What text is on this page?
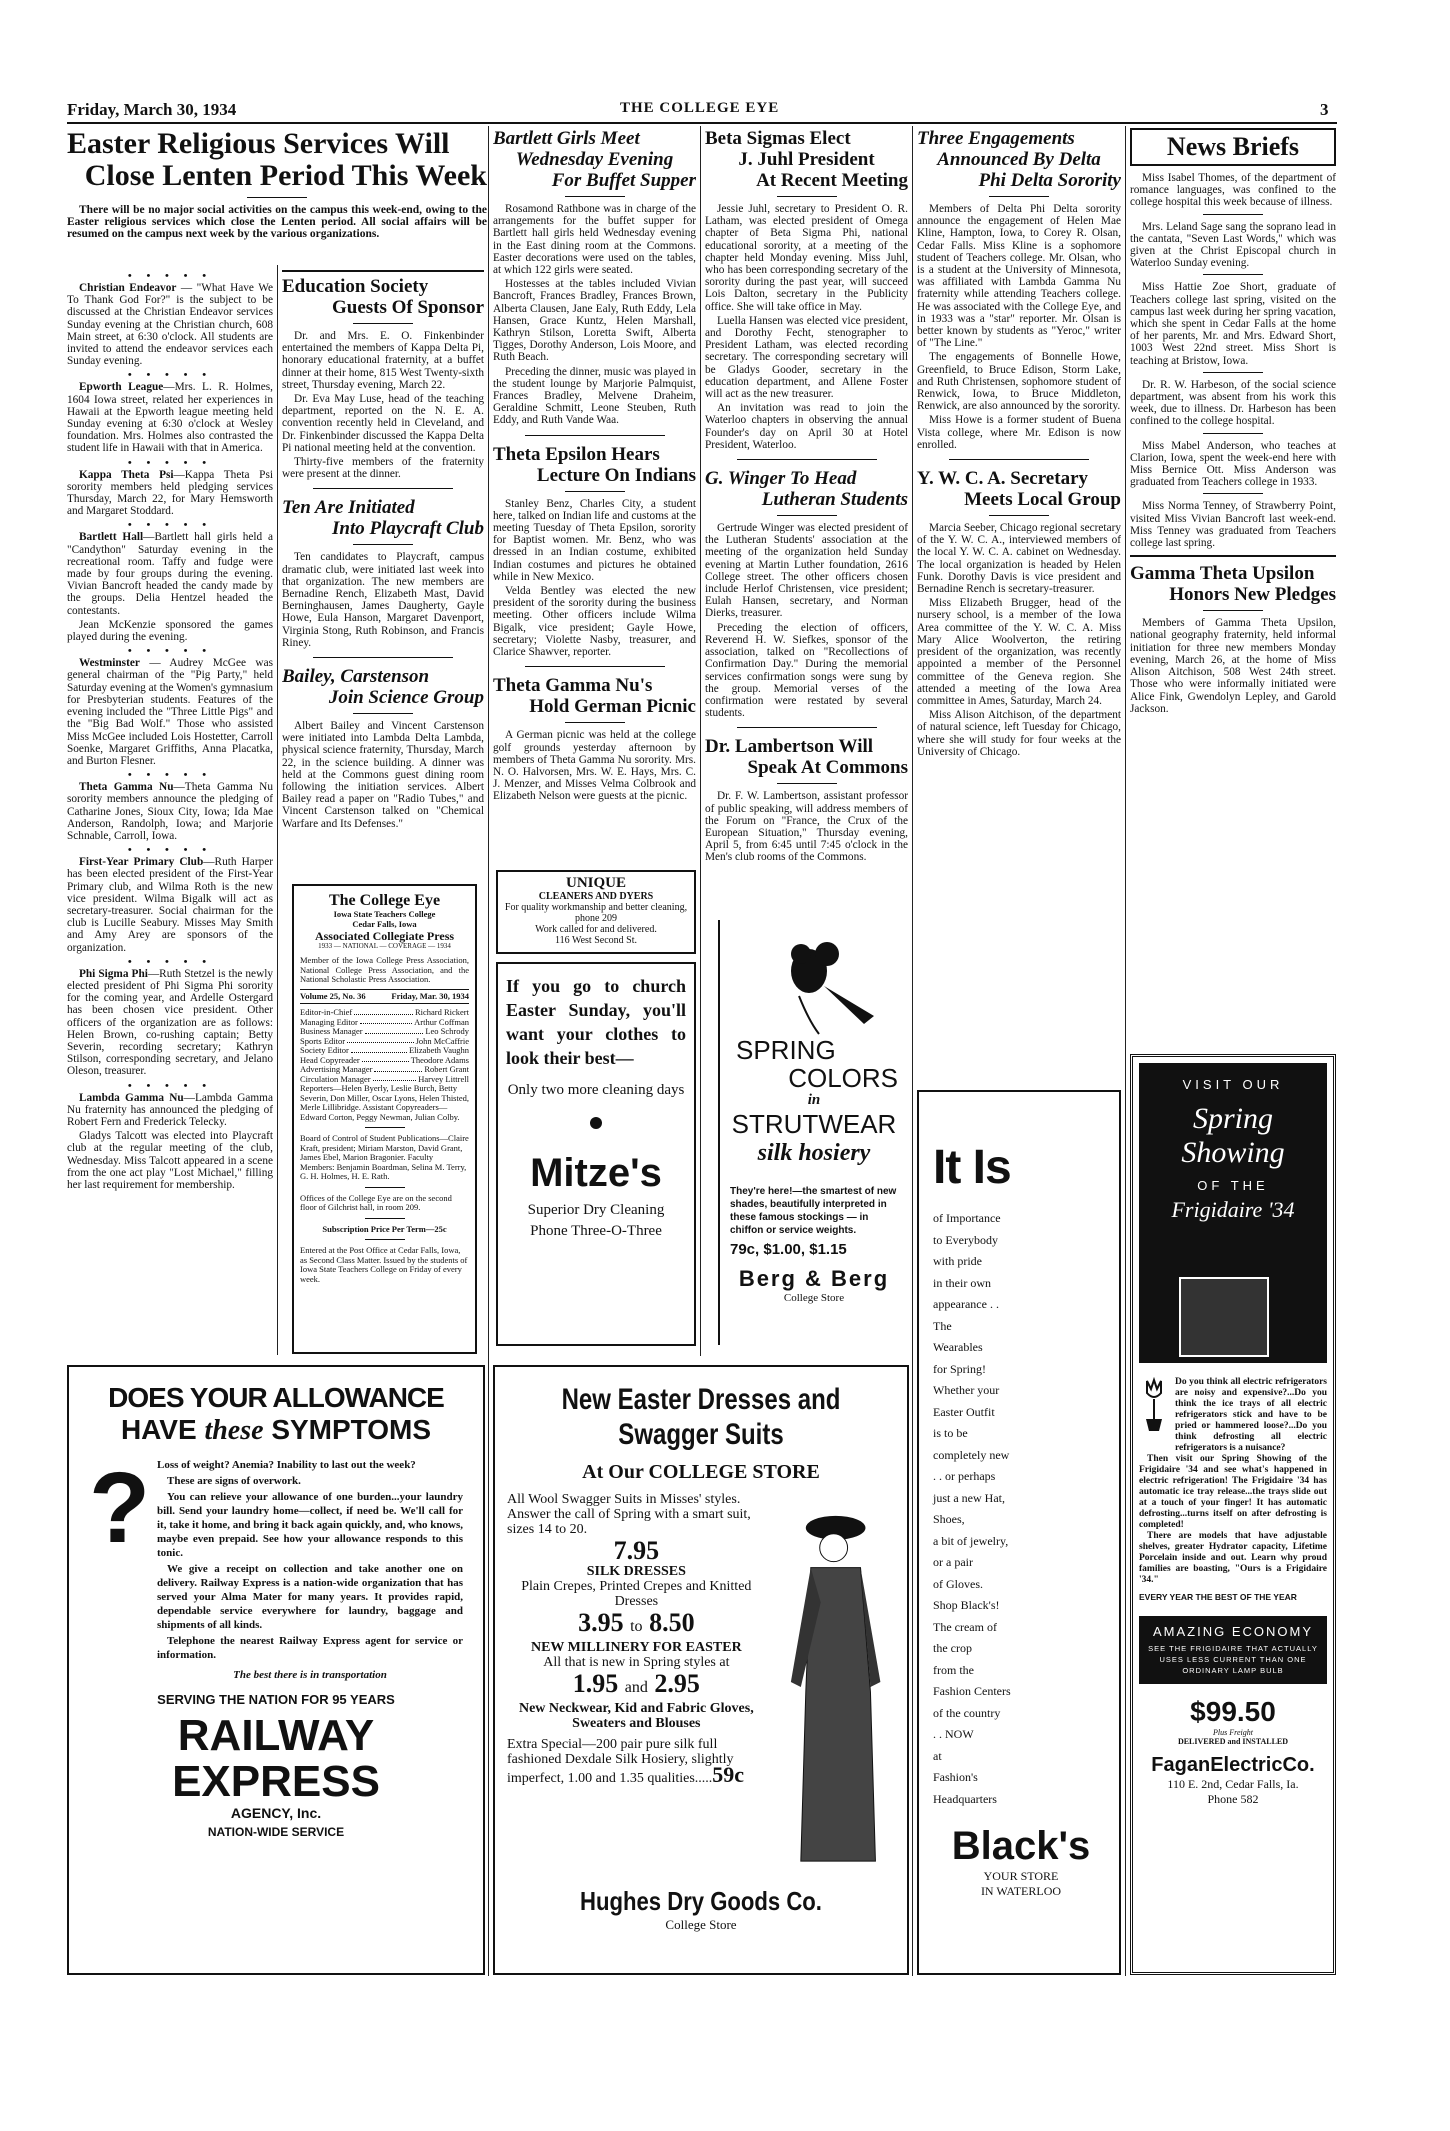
Friday, March 30, 1934	THE COLLEGE EYE	3
Easter Religious Services Will
Close Lenten Period This Week

There will be no major social activities on the campus this week-end, owing to the Easter religious services which close the Lenten period. All social affairs will be resumed on the campus next week by the various organizations.

• • • • •

Christian Endeavor — "What Have We To Thank God For?" is the subject to be discussed at the Christian Endeavor services Sunday evening at the Christian church, 608 Main street, at 6:30 o'clock. All students are invited to attend the endeavor services each Sunday evening.

• • • • •

Epworth League—Mrs. L. R. Holmes, 1604 Iowa street, related her experiences in Hawaii at the Epworth league meeting held Sunday evening at 6:30 o'clock at Wesley foundation. Mrs. Holmes also contrasted the student life in Hawaii with that in America.

• • • • •

Kappa Theta Psi—Kappa Theta Psi sorority members held pledging services Thursday, March 22, for Mary Hemsworth and Margaret Stoddard.

• • • • •

Bartlett Hall—Bartlett hall girls held a "Candython" Saturday evening in the recreational room. Taffy and fudge were made by four groups during the evening. Vivian Bancroft headed the candy made by the groups. Delia Hentzel headed the contestants.

Jean McKenzie sponsored the games played during the evening.

• • • • •

Westminster — Audrey McGee was general chairman of the "Pig Party," held Saturday evening at the Women's gymnasium for Presbyterian students. Features of the evening included the "Three Little Pigs" and the "Big Bad Wolf." Those who assisted Miss McGee included Lois Hostetter, Carroll Soenke, Margaret Griffiths, Anna Placatka, and Burton Flesner.

• • • • •

Theta Gamma Nu—Theta Gamma Nu sorority members announce the pledging of Catharine Jones, Sioux City, Iowa; Ida Mae Anderson, Randolph, Iowa; and Marjorie Schnable, Carroll, Iowa.

• • • • •

First-Year Primary Club—Ruth Harper has been elected president of the First-Year Primary club, and Wilma Roth is the new vice president. Wilma Bigalk will act as secretary-treasurer. Social chairman for the club is Lucille Seabury. Misses May Smith and Amy Arey are sponsors of the organization.

• • • • •

Phi Sigma Phi—Ruth Stetzel is the newly elected president of Phi Sigma Phi sorority for the coming year, and Ardelle Ostergard has been chosen vice president. Other officers of the organization are as follows: Helen Brown, co-rushing captain; Betty Severin, recording secretary; Kathryn Stilson, corresponding secretary, and Jelano Oleson, treasurer.

• • • • •

Lambda Gamma Nu—Lambda Gamma Nu fraternity has announced the pledging of Robert Fern and Frederick Telecky.

Gladys Talcott was elected into Playcraft club at the regular meeting of the club, Wednesday. Miss Talcott appeared in a scene from the one act play "Lost Michael," filling her last requirement for membership.

Education Society
Guests Of Sponsor

Dr. and Mrs. E. O. Finkenbinder entertained the members of Kappa Delta Pi, honorary educational fraternity, at a buffet dinner at their home, 815 West Twenty-sixth street, Thursday evening, March 22.

Dr. Eva May Luse, head of the teaching department, reported on the N. E. A. convention recently held in Cleveland, and Dr. Finkenbinder discussed the Kappa Delta Pi national meeting held at the convention.

Thirty-five members of the fraternity were present at the dinner.

Ten Are Initiated
Into Playcraft Club

Ten candidates to Playcraft, campus dramatic club, were initiated last week into that organization. The new members are Bernadine Rench, Elizabeth Mast, David Berninghausen, James Daugherty, Gayle Howe, Eula Hanson, Margaret Davenport, Virginia Stong, Ruth Robinson, and Francis Riney.

Bailey, Carstenson
Join Science Group

Albert Bailey and Vincent Carstenson were initiated into Lambda Delta Lambda, physical science fraternity, Thursday, March 22, in the science building. A dinner was held at the Commons guest dining room following the initiation services. Albert Bailey read a paper on "Radio Tubes," and Vincent Carstenson talked on "Chemical Warfare and Its Defenses."

The College Eye
Iowa State Teachers College
Cedar Falls, Iowa
Associated Collegiate Press
1933 — NATIONAL — COVERAGE — 1934
Member of the Iowa College Press Association, National College Press Association, and the National Scholastic Press Association.
Volume 25, No. 36	Friday, Mar. 30, 1934
Editor-in-Chief	Richard Rickert
Managing Editor	Arthur Coffman
Business Manager	Leo Schrody
Sports Editor	John McCaffrie
Society Editor	Elizabeth Vaughn
Head Copyreader	Theodore Adams
Advertising Manager	Robert Grant
Circulation Manager	Harvey Littrell
Reporters—Helen Byerly, Leslie Burch, Betty Severin, Don Miller, Oscar Lyons, Helen Thisted, Merle Lillibridge. Assistant Copyreaders—Edward Corton, Peggy Newman, Julian Colby.
Board of Control of Student Publications—Claire Kraft, president; Miriam Marston, David Grant, James Ebel, Marion Bragonier. Faculty Members: Benjamin Boardman, Selina M. Terry, G. H. Holmes, H. E. Rath.
Offices of the College Eye are on the second floor of Gilchrist hall, in room 209.
Subscription Price Per Term—25c
Entered at the Post Office at Cedar Falls, Iowa, as Second Class Matter. Issued by the students of Iowa State Teachers College on Friday of every week.
Bartlett Girls Meet
Wednesday Evening
For Buffet Supper

Rosamond Rathbone was in charge of the arrangements for the buffet supper for Bartlett hall girls held Wednesday evening in the East dining room at the Commons. Easter decorations were used on the tables, at which 122 girls were seated.

Hostesses at the tables included Vivian Bancroft, Frances Bradley, Frances Brown, Alberta Clausen, Jane Ealy, Ruth Eddy, Lela Hansen, Grace Kuntz, Helen Marshall, Kathryn Stilson, Loretta Swift, Alberta Tigges, Dorothy Anderson, Lois Moore, and Ruth Beach.

Preceding the dinner, music was played in the student lounge by Marjorie Palmquist, Frances Bradley, Melvene Draheim, Geraldine Schmitt, Leone Steuben, Ruth Eddy, and Ruth Vande Waa.

Theta Epsilon Hears
Lecture On Indians

Stanley Benz, Charles City, a student here, talked on Indian life and customs at the meeting Tuesday of Theta Epsilon, sorority for Baptist women. Mr. Benz, who was dressed in an Indian costume, exhibited Indian costumes and pictures he obtained while in New Mexico.

Velda Bentley was elected the new president of the sorority during the business meeting. Other officers include Wilma Bigalk, vice president; Gayle Howe, secretary; Violette Nasby, treasurer, and Clarice Shawver, reporter.

Theta Gamma Nu's
Hold German Picnic

A German picnic was held at the college golf grounds yesterday afternoon by members of Theta Gamma Nu sorority. Mrs. N. O. Halvorsen, Mrs. W. E. Hays, Mrs. C. J. Menzer, and Misses Velma Colbrook and Elizabeth Nelson were guests at the picnic.

UNIQUE
CLEANERS AND DYERS
For quality workmanship and better cleaning, phone 209
Work called for and delivered.
116 West Second St.
If you go to church Easter Sunday, you'll want your clothes to look their best—
Only two more cleaning days
Mitze's
Superior Dry Cleaning
Phone Three-O-Three
Beta Sigmas Elect
J. Juhl President
At Recent Meeting

Jessie Juhl, secretary to President O. R. Latham, was elected president of Omega chapter of Beta Sigma Phi, national educational sorority, at a meeting of the chapter held Monday evening. Miss Juhl, who has been corresponding secretary of the sorority during the past year, will succeed Lois Dalton, secretary in the Publicity office. She will take office in May.

Luella Hansen was elected vice president, and Dorothy Fecht, stenographer to President Latham, was elected recording secretary. The corresponding secretary will be Gladys Gooder, secretary in the education department, and Allene Foster will act as the new treasurer.

An invitation was read to join the Waterloo chapters in observing the annual Founder's day on April 30 at Hotel President, Waterloo.

G. Winger To Head
Lutheran Students

Gertrude Winger was elected president of the Lutheran Students' association at the meeting of the organization held Sunday evening at Martin Luther foundation, 2616 College street. The other officers chosen include Herlof Christensen, vice president; Eulah Hansen, secretary, and Norman Dierks, treasurer.

Preceding the election of officers, Reverend H. W. Siefkes, sponsor of the association, talked on "Recollections of Confirmation Day." During the memorial services confirmation songs were sung by the group. Memorial verses of the confirmation were restated by several students.

Dr. Lambertson Will
Speak At Commons

Dr. F. W. Lambertson, assistant professor of public speaking, will address members of the Forum on "France, the Crux of the European Situation," Thursday evening, April 5, from 6:45 until 7:45 o'clock in the Men's club rooms of the Commons.

SPRING
COLORS
in
STRUTWEAR
silk hosiery
They're here!—the smartest of new shades, beautifully interpreted in these famous stockings — in chiffon or service weights.
79c, $1.00, $1.15
Berg & Berg
College Store
Three Engagements
Announced By Delta
Phi Delta Sorority

Members of Delta Phi Delta sorority announce the engagement of Helen Mae Kline, Hampton, Iowa, to Corey R. Olsan, Cedar Falls. Miss Kline is a sophomore student of Teachers college. Mr. Olsan, who is a student at the University of Minnesota, was affiliated with Lambda Gamma Nu fraternity while attending Teachers college. He was associated with the College Eye, and in 1933 was a "star" reporter. Mr. Olsan is better known by students as "Yeroc," writer of "The Line."

The engagements of Bonnelle Howe, Greenfield, to Bruce Edison, Storm Lake, and Ruth Christensen, sophomore student of Renwick, Iowa, to Bruce Middleton, Renwick, are also announced by the sorority.

Miss Howe is a former student of Buena Vista college, where Mr. Edison is now enrolled.

Y. W. C. A. Secretary
Meets Local Group

Marcia Seeber, Chicago regional secretary of the Y. W. C. A., interviewed members of the local Y. W. C. A. cabinet on Wednesday. The local organization is headed by Helen Funk. Dorothy Davis is vice president and Bernadine Rench is secretary-treasurer.

Miss Elizabeth Brugger, head of the nursery school, is a member of the Iowa Area committee of the Y. W. C. A. Miss Mary Alice Woolverton, the retiring president of the organization, was recently appointed a member of the Personnel committee of the Geneva region. She attended a meeting of the Iowa Area committee in Ames, Saturday, March 24.

Miss Alison Aitchison, of the department of natural science, left Tuesday for Chicago, where she will study for four weeks at the University of Chicago.

It Is
of Importance
to Everybody
with pride
in their own
appearance . .
The
Wearables
for Spring!
Whether your
Easter Outfit
is to be
completely new
. . or perhaps
just a new Hat,
Shoes,
a bit of jewelry,
or a pair
of Gloves.
Shop Black's!
The cream of
the crop
from the
Fashion Centers
of the country
. . NOW
at
Fashion's
Headquarters
Black's
YOUR STORE
IN WATERLOO
News Briefs

Miss Isabel Thomes, of the department of romance languages, was confined to the college hospital this week because of illness.

Mrs. Leland Sage sang the soprano lead in the cantata, "Seven Last Words," which was given at the Christ Episcopal church in Waterloo Sunday evening.

Miss Hattie Zoe Short, graduate of Teachers college last spring, visited on the campus last week during her spring vacation, which she spent in Cedar Falls at the home of her parents, Mr. and Mrs. Edward Short, 1003 West 22nd street. Miss Short is teaching at Bristow, Iowa.

Dr. R. W. Harbeson, of the social science department, was absent from his work this week, due to illness. Dr. Harbeson has been confined to the college hospital.

Miss Mabel Anderson, who teaches at Clarion, Iowa, spent the week-end here with Miss Bernice Ott. Miss Anderson was graduated from Teachers college in 1933.

Miss Norma Tenney, of Strawberry Point, visited Miss Vivian Bancroft last week-end. Miss Tenney was graduated from Teachers college last spring.

Gamma Theta Upsilon
Honors New Pledges

Members of Gamma Theta Upsilon, national geography fraternity, held informal initiation for three new members Monday evening, March 26, at the home of Miss Alison Aitchison, 508 West 24th street. Those who were informally initiated were Alice Fink, Gwendolyn Lepley, and Garold Jackson.

VISIT OUR
Spring
Showing
OF THE
Frigidaire '34
Do you think all electric refrigerators are noisy and expensive?...Do you think the ice trays of all electric refrigerators stick and have to be pried or hammered loose?...Do you think defrosting all electric refrigerators is a nuisance?
Then visit our Spring Showing of the Frigidaire '34 and see what's happened in electric refrigeration! The Frigidaire '34 has automatic ice tray release...the trays slide out at a touch of your finger! It has automatic defrosting...turns itself on after defrosting is completed!
There are models that have adjustable shelves, greater Hydrator capacity, Lifetime Porcelain inside and out. Learn why proud families are boasting, "Ours is a Frigidaire '34."
EVERY YEAR THE BEST OF THE YEAR
AMAZING ECONOMY
SEE THE FRIGIDAIRE THAT ACTUALLY USES LESS CURRENT THAN ONE ORDINARY LAMP BULB
$99.50
Plus Freight
DELIVERED and INSTALLED
FaganElectricCo.
110 E. 2nd, Cedar Falls, Ia.
Phone 582
DOES YOUR ALLOWANCE
HAVE these SYMPTOMS
? Loss of weight? Anemia? Inability to last out the week?

These are signs of overwork.

You can relieve your allowance of one burden...your laundry bill. Send your laundry home—collect, if need be. We'll call for it, take it home, and bring it back again quickly, and, who knows, maybe even prepaid. See how your allowance responds to this tonic.

We give a receipt on collection and take another one on delivery. Railway Express is a nation-wide organization that has served your Alma Mater for many years. It provides rapid, dependable service everywhere for laundry, baggage and shipments of all kinds.

Telephone the nearest Railway Express agent for service or information.

The best there is in transportation
SERVING THE NATION FOR 95 YEARS
RAILWAY
EXPRESS
AGENCY, Inc.
NATION-WIDE SERVICE
New Easter Dresses and
Swagger Suits
At Our COLLEGE STORE
All Wool Swagger Suits in Misses' styles. Answer the call of Spring with a smart suit, sizes 14 to 20.
7.95
SILK DRESSES
Plain Crepes, Printed Crepes and Knitted Dresses
3.95 to 8.50
NEW MILLINERY FOR EASTER
All that is new in Spring styles at
1.95 and 2.95
New Neckwear, Kid and Fabric Gloves, Sweaters and Blouses
Extra Special—200 pair pure silk full fashioned Dexdale Silk Hosiery, slightly imperfect, 1.00 and 1.35 qualities.....59c
Hughes Dry Goods Co.
College Store
